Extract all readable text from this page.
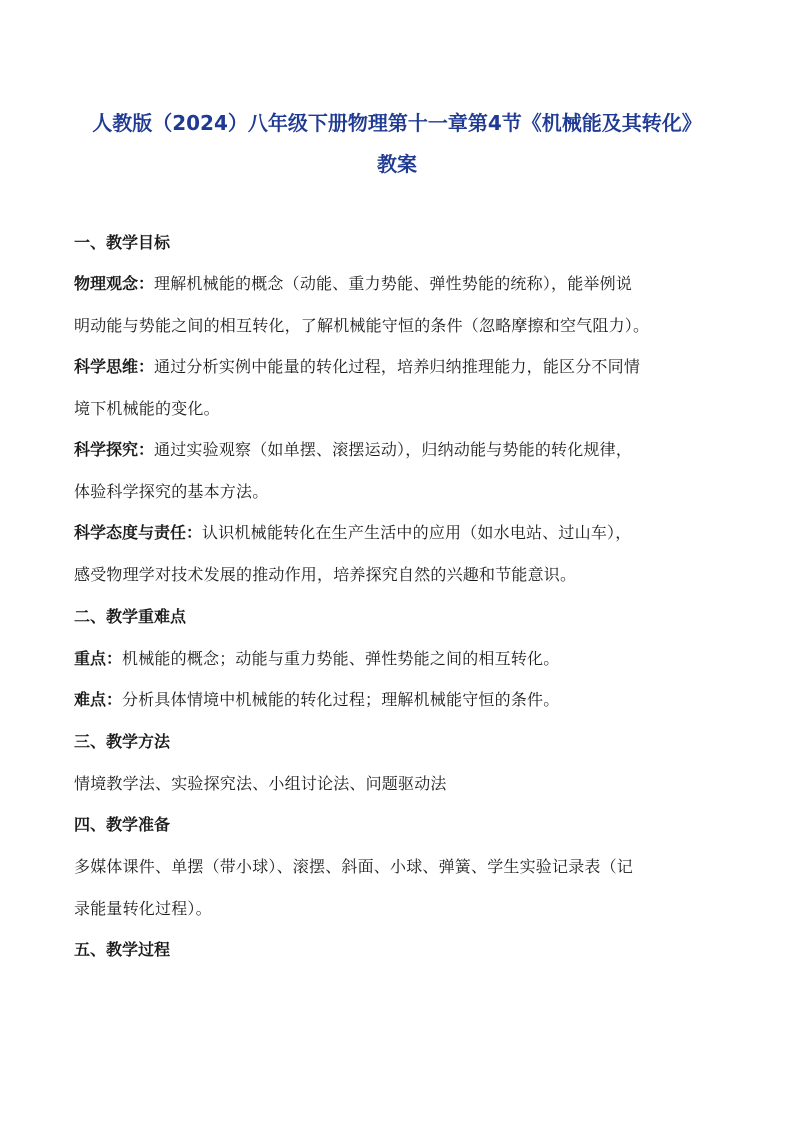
人教版（2024）八年级下册物理第十一章第4节《机械能及其转化》
教案
一、教学目标
物理观念：理解机械能的概念（动能、重力势能、弹性势能的统称），能举例说
明动能与势能之间的相互转化，了解机械能守恒的条件（忽略摩擦和空气阻力）。
科学思维：通过分析实例中能量的转化过程，培养归纳推理能力，能区分不同情
境下机械能的变化。
科学探究：通过实验观察（如单摆、滚摆运动），归纳动能与势能的转化规律，
体验科学探究的基本方法。
科学态度与责任：认识机械能转化在生产生活中的应用（如水电站、过山车），
感受物理学对技术发展的推动作用，培养探究自然的兴趣和节能意识。
二、教学重难点
重点：机械能的概念；动能与重力势能、弹性势能之间的相互转化。
难点：分析具体情境中机械能的转化过程；理解机械能守恒的条件。
三、教学方法
情境教学法、实验探究法、小组讨论法、问题驱动法
四、教学准备
多媒体课件、单摆（带小球）、滚摆、斜面、小球、弹簧、学生实验记录表（记
录能量转化过程）。
五、教学过程
